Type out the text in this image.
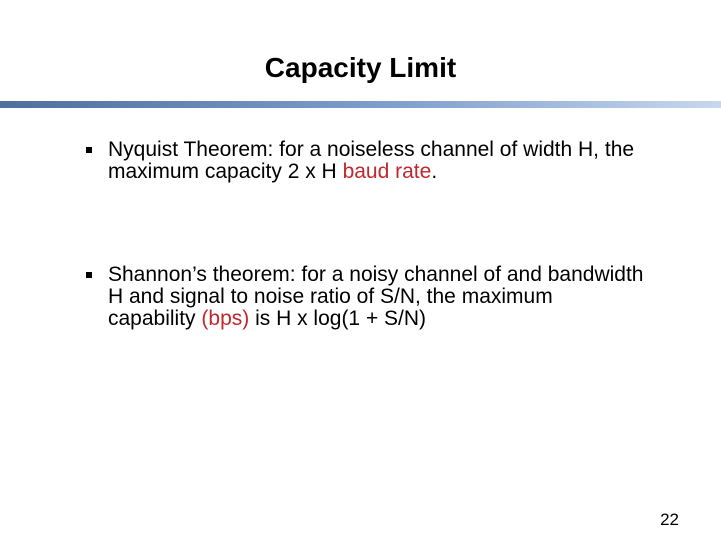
Capacity Limit
Nyquist Theorem: for a noiseless channel of width H, the maximum capacity 2 x H baud rate.
Shannon’s theorem: for a noisy channel of and bandwidth H and signal to noise ratio of S/N, the maximum capability (bps) is H x log(1 + S/N)
22
